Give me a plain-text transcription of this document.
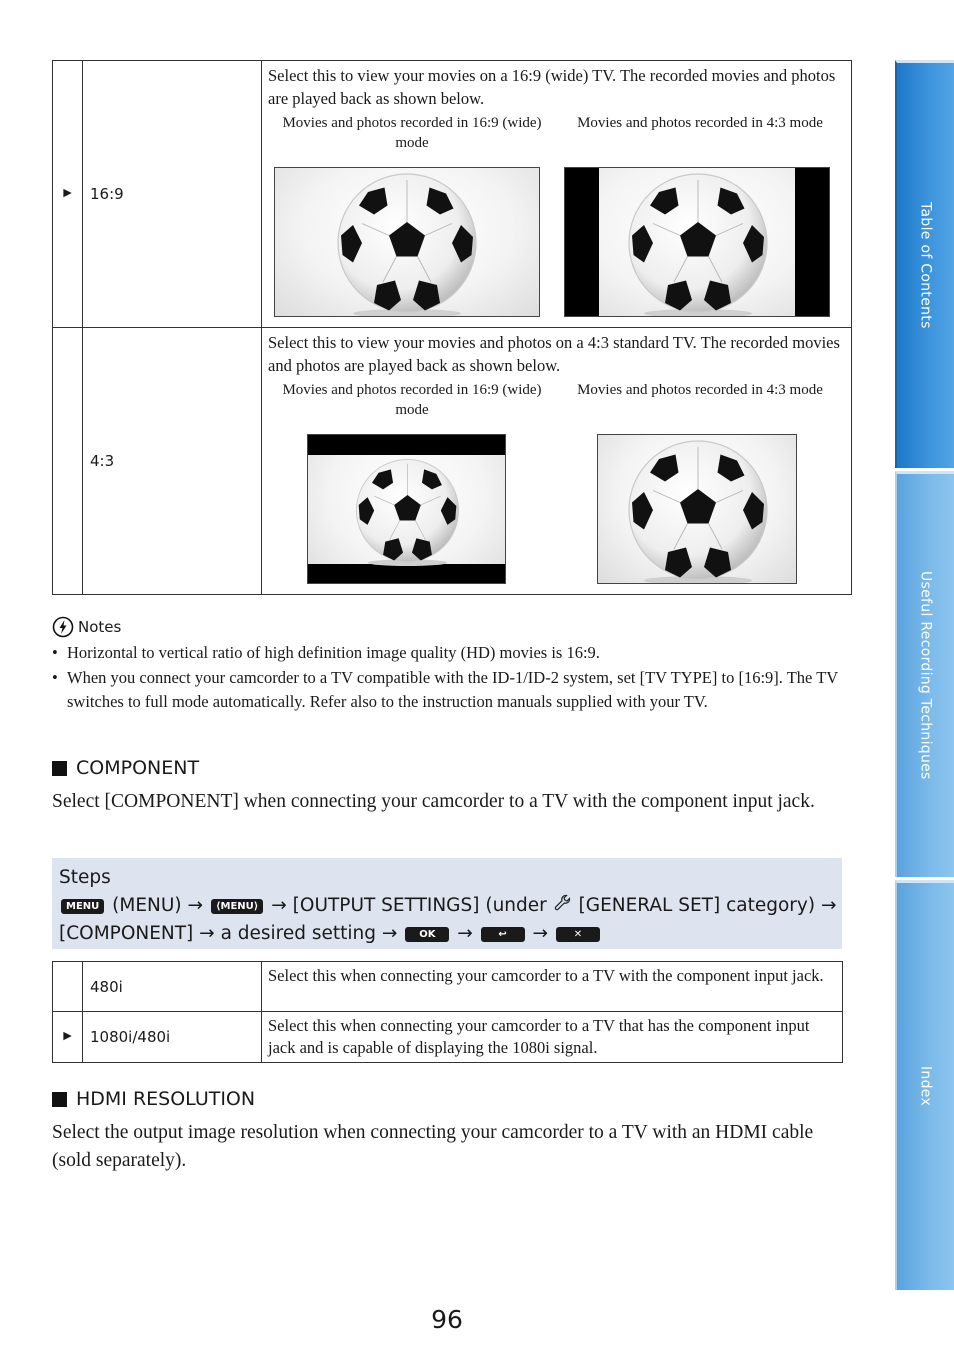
Table of Contents
Useful Recording Techniques
Index
►	16:9	Select this to view your movies on a 16:9 (wide) TV. The recorded movies and photos are played back as shown below.
Movies and photos recorded in 16:9 (wide) mode
Movies and photos recorded in 4:3 mode

	4:3	Select this to view your movies and photos on a 4:3 standard TV. The recorded movies and photos are played back as shown below.
Movies and photos recorded in 16:9 (wide) mode
Movies and photos recorded in 4:3 mode
Notes
• Horizontal to vertical ratio of high definition image quality (HD) movies is 16:9.
• When you connect your camcorder to a TV compatible with the ID-1/ID-2 system, set [TV TYPE] to [16:9]. The TV switches to full mode automatically. Refer also to the instruction manuals supplied with your TV.
COMPONENT
Select [COMPONENT] when connecting your camcorder to a TV with the component input jack.
Steps
MENU (MENU) → ⟨MENU⟩ → [OUTPUT SETTINGS] (under [GENERAL SET] category) →
[COMPONENT] → a desired setting → OK →	↩ →	✕
	480i	Select this when connecting your camcorder to a TV with the component input jack.
►	1080i/480i	Select this when connecting your camcorder to a TV that has the component input jack and is capable of displaying the 1080i signal.
HDMI RESOLUTION
Select the output image resolution when connecting your camcorder to a TV with an HDMI cable (sold separately).
96
